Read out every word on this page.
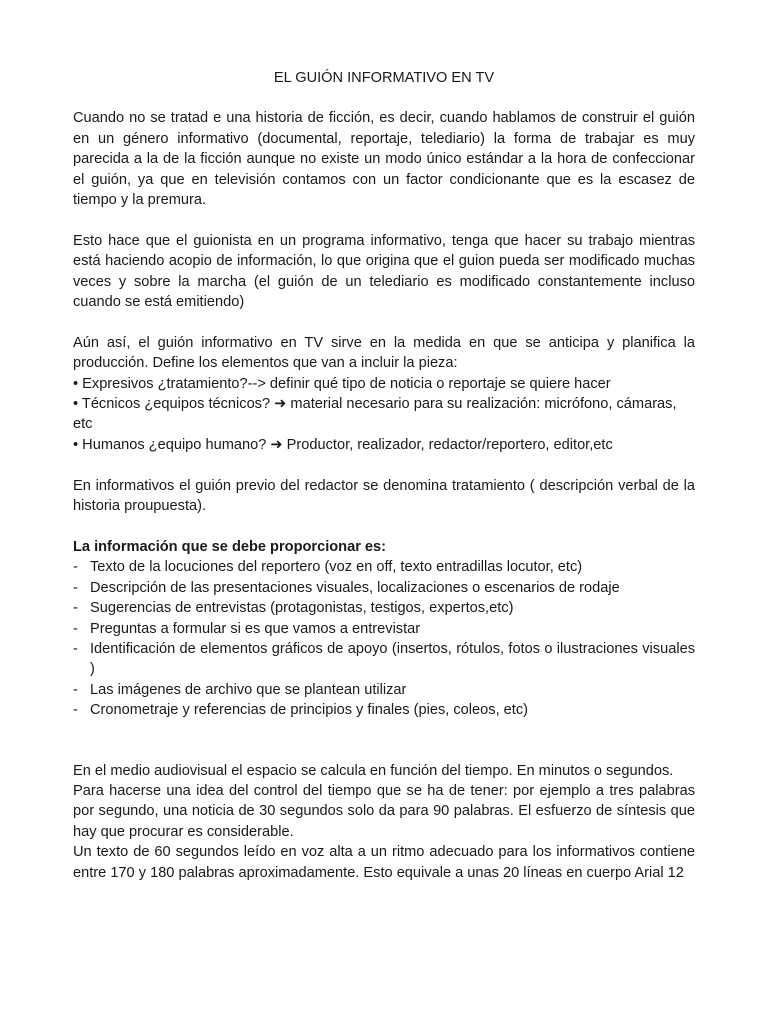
EL GUIÓN INFORMATIVO EN TV

Cuando no se tratad e una historia de ficción, es decir, cuando hablamos de construir el guión en un género informativo (documental, reportaje, telediario) la forma de trabajar es muy parecida a la de la ficción aunque no existe un modo único estándar a la hora de confeccionar el guión, ya que en televisión contamos con un factor condicionante que es la escasez de tiempo y la premura.

Esto hace que el guionista en un programa informativo, tenga que hacer su trabajo mientras está haciendo acopio de información, lo que origina que el guion pueda ser modificado muchas veces y sobre la marcha (el guión de un telediario es modificado constantemente incluso cuando se está emitiendo)

Aún así, el guión informativo en TV sirve en la medida en que se anticipa y planifica la producción. Define los elementos que van a incluir la pieza:

• Expresivos ¿tratamiento?--> definir qué tipo de noticia o reportaje se quiere hacer
• Técnicos ¿equipos técnicos? ➜ material necesario para su realización: micrófono, cámaras, etc
• Humanos ¿equipo humano? ➜ Productor, realizador, redactor/reportero, editor,etc

En informativos el guión previo del redactor se denomina tratamiento ( descripción verbal de la historia proupuesta).

La información que se debe proporcionar es:
- Texto de la locuciones del reportero (voz en off, texto entradillas locutor, etc)
- Descripción de las presentaciones visuales, localizaciones o escenarios de rodaje
- Sugerencias de entrevistas (protagonistas, testigos, expertos,etc)
- Preguntas a formular si es que vamos a entrevistar
- Identificación de elementos gráficos de apoyo (insertos, rótulos, fotos o ilustraciones visuales )
- Las imágenes de archivo que se plantean utilizar
- Cronometraje y referencias de principios y finales (pies, coleos, etc)

En el medio audiovisual el espacio se calcula en función del tiempo. En minutos o segundos.

Para hacerse una idea del control del tiempo que se ha de tener: por ejemplo a tres palabras por segundo, una noticia de 30 segundos solo da para 90 palabras. El esfuerzo de síntesis que hay que procurar es considerable.

Un texto de 60 segundos leído en voz alta a un ritmo adecuado para los informativos contiene entre 170 y 180 palabras aproximadamente. Esto equivale a unas 20 líneas en cuerpo Arial 12
